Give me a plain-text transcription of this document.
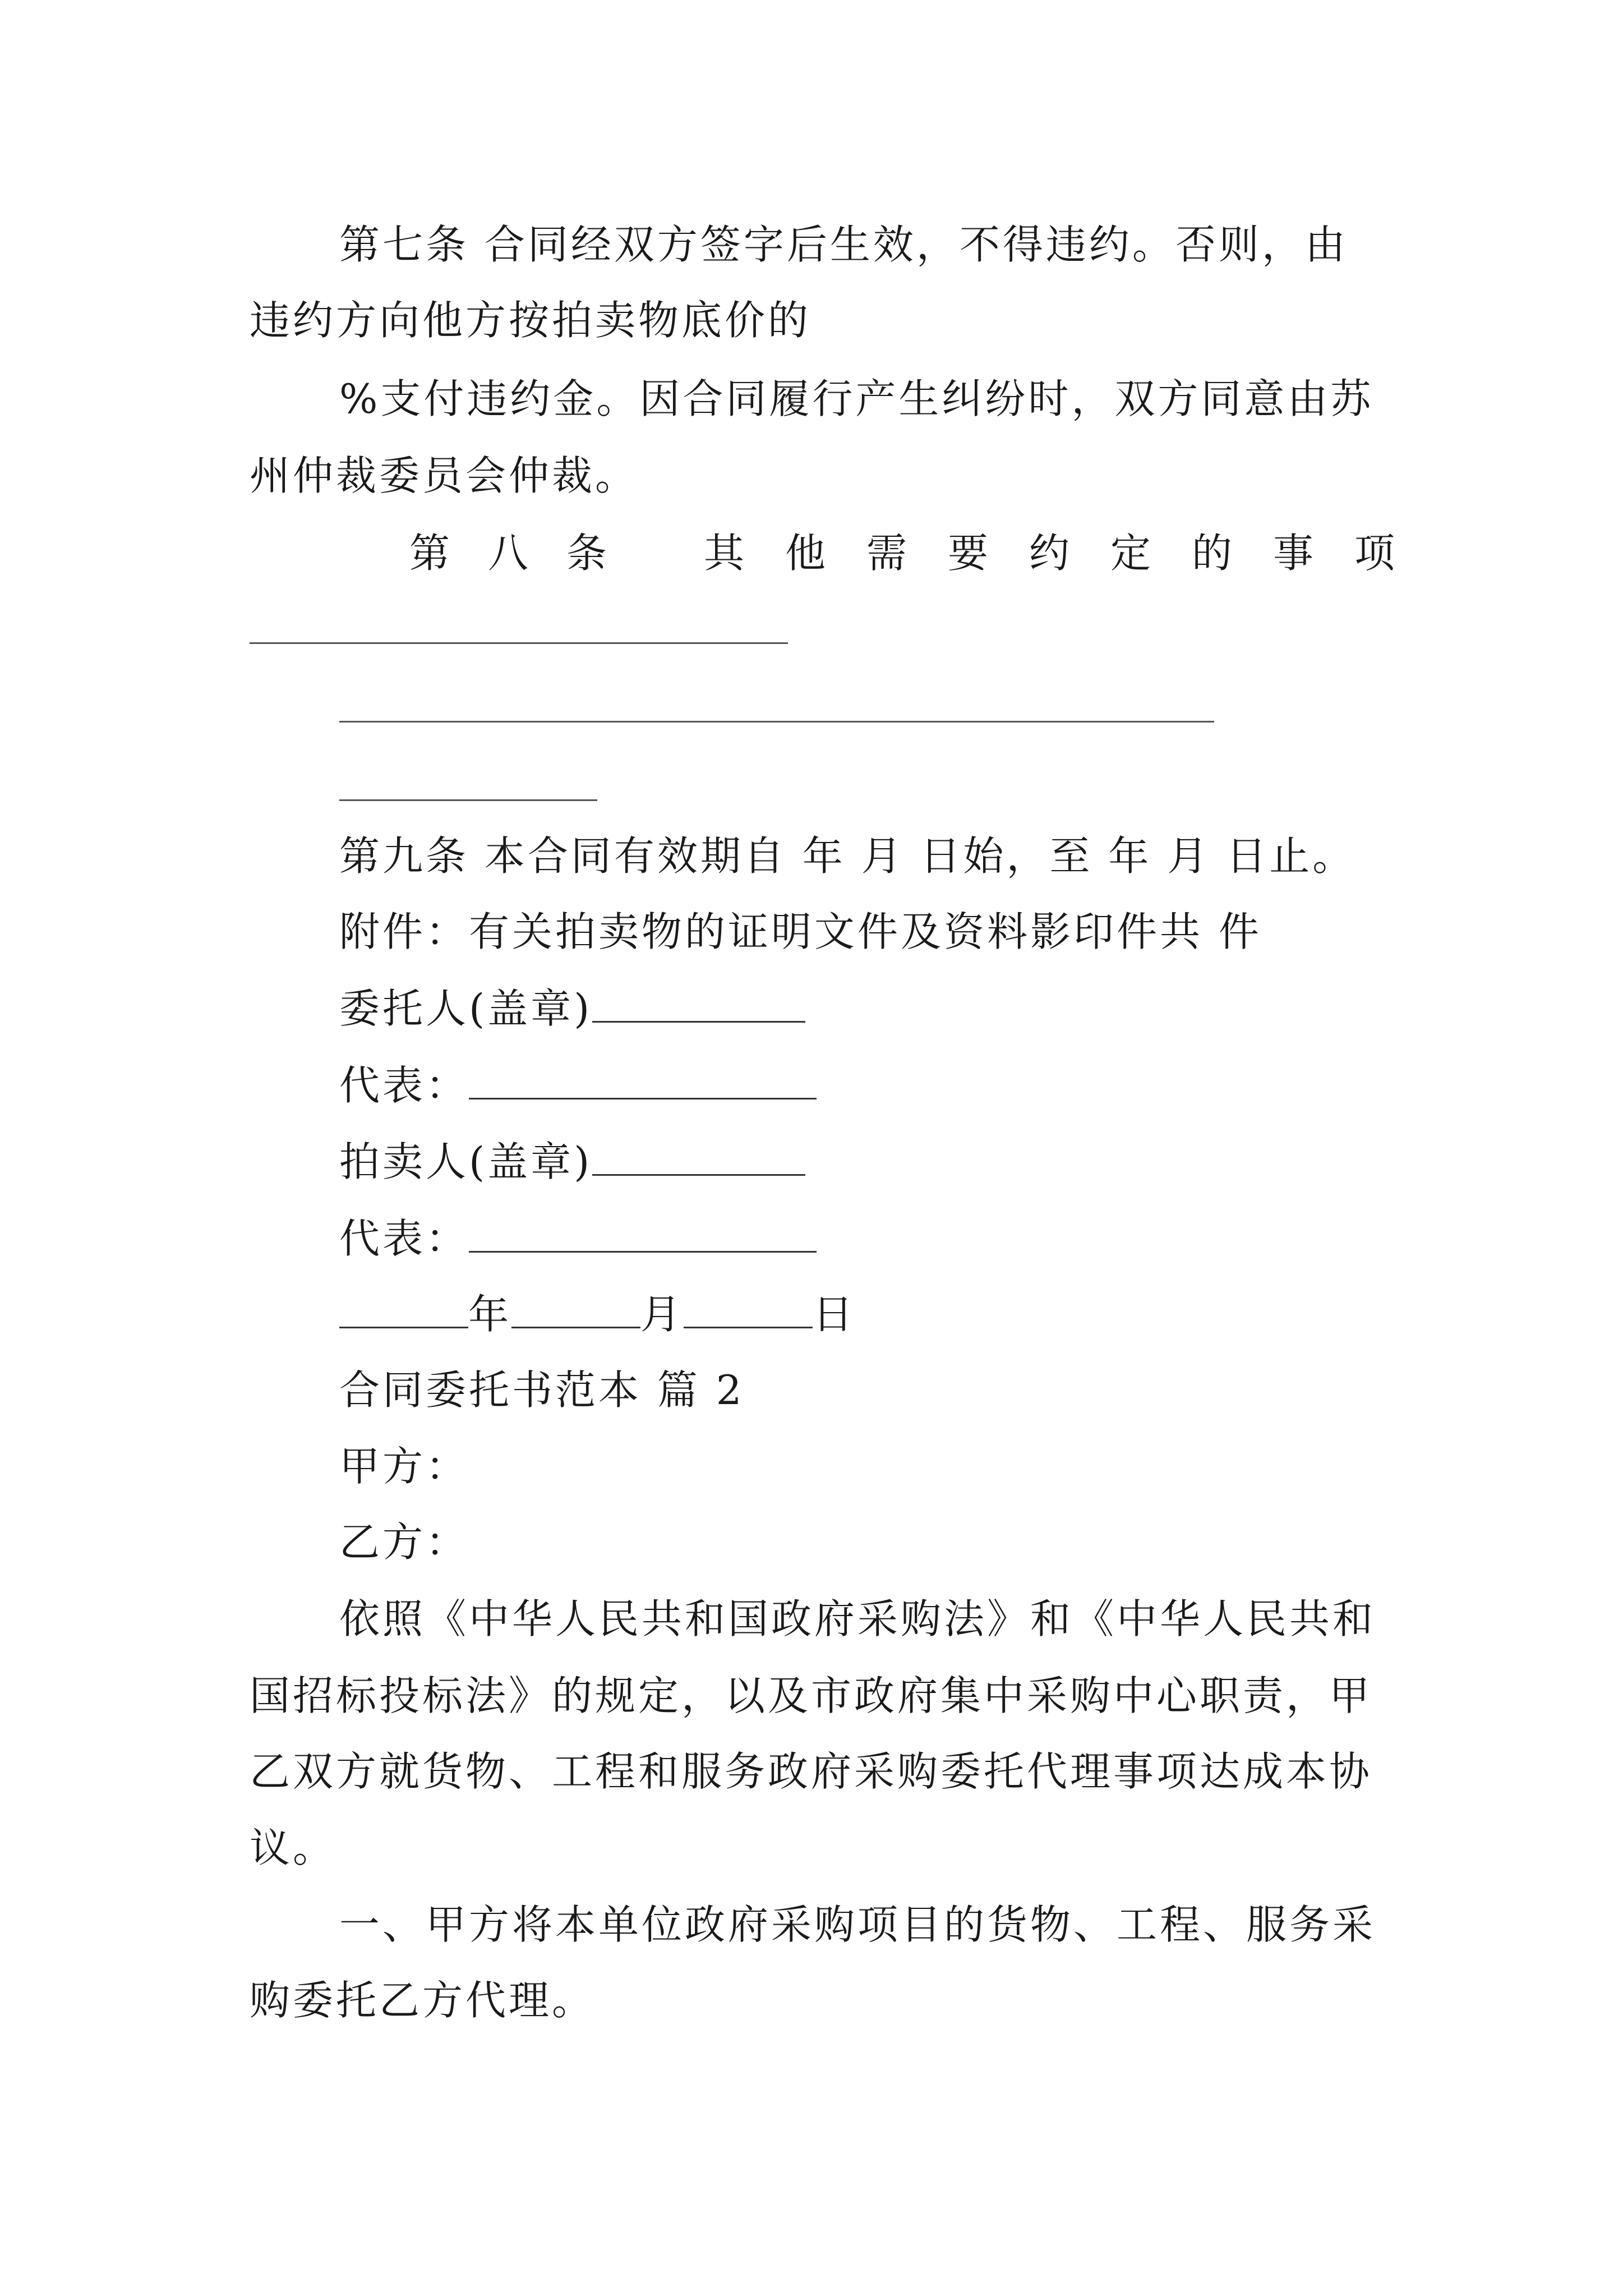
第七条 合同经双方签字后生效，不得违约。否则，由
违约方向他方按拍卖物底价的
%支付违约金。因合同履行产生纠纷时，双方同意由苏
州仲裁委员会仲裁。
第 八 条 其 他 需 要 约 定 的 事 项
第九条 本合同有效期自 年 月 日始，至 年 月 日止。
附件：有关拍卖物的证明文件及资料影印件共 件
委托人(盖章)
代表：
拍卖人(盖章)
代表：
年	月	日
合同委托书范本 篇 2
甲方：
乙方：
依照《中华人民共和国政府采购法》和《中华人民共和
国招标投标法》的规定，以及市政府集中采购中心职责，甲
乙双方就货物、工程和服务政府采购委托代理事项达成本协
议。
一、甲方将本单位政府采购项目的货物、工程、服务采
购委托乙方代理。
